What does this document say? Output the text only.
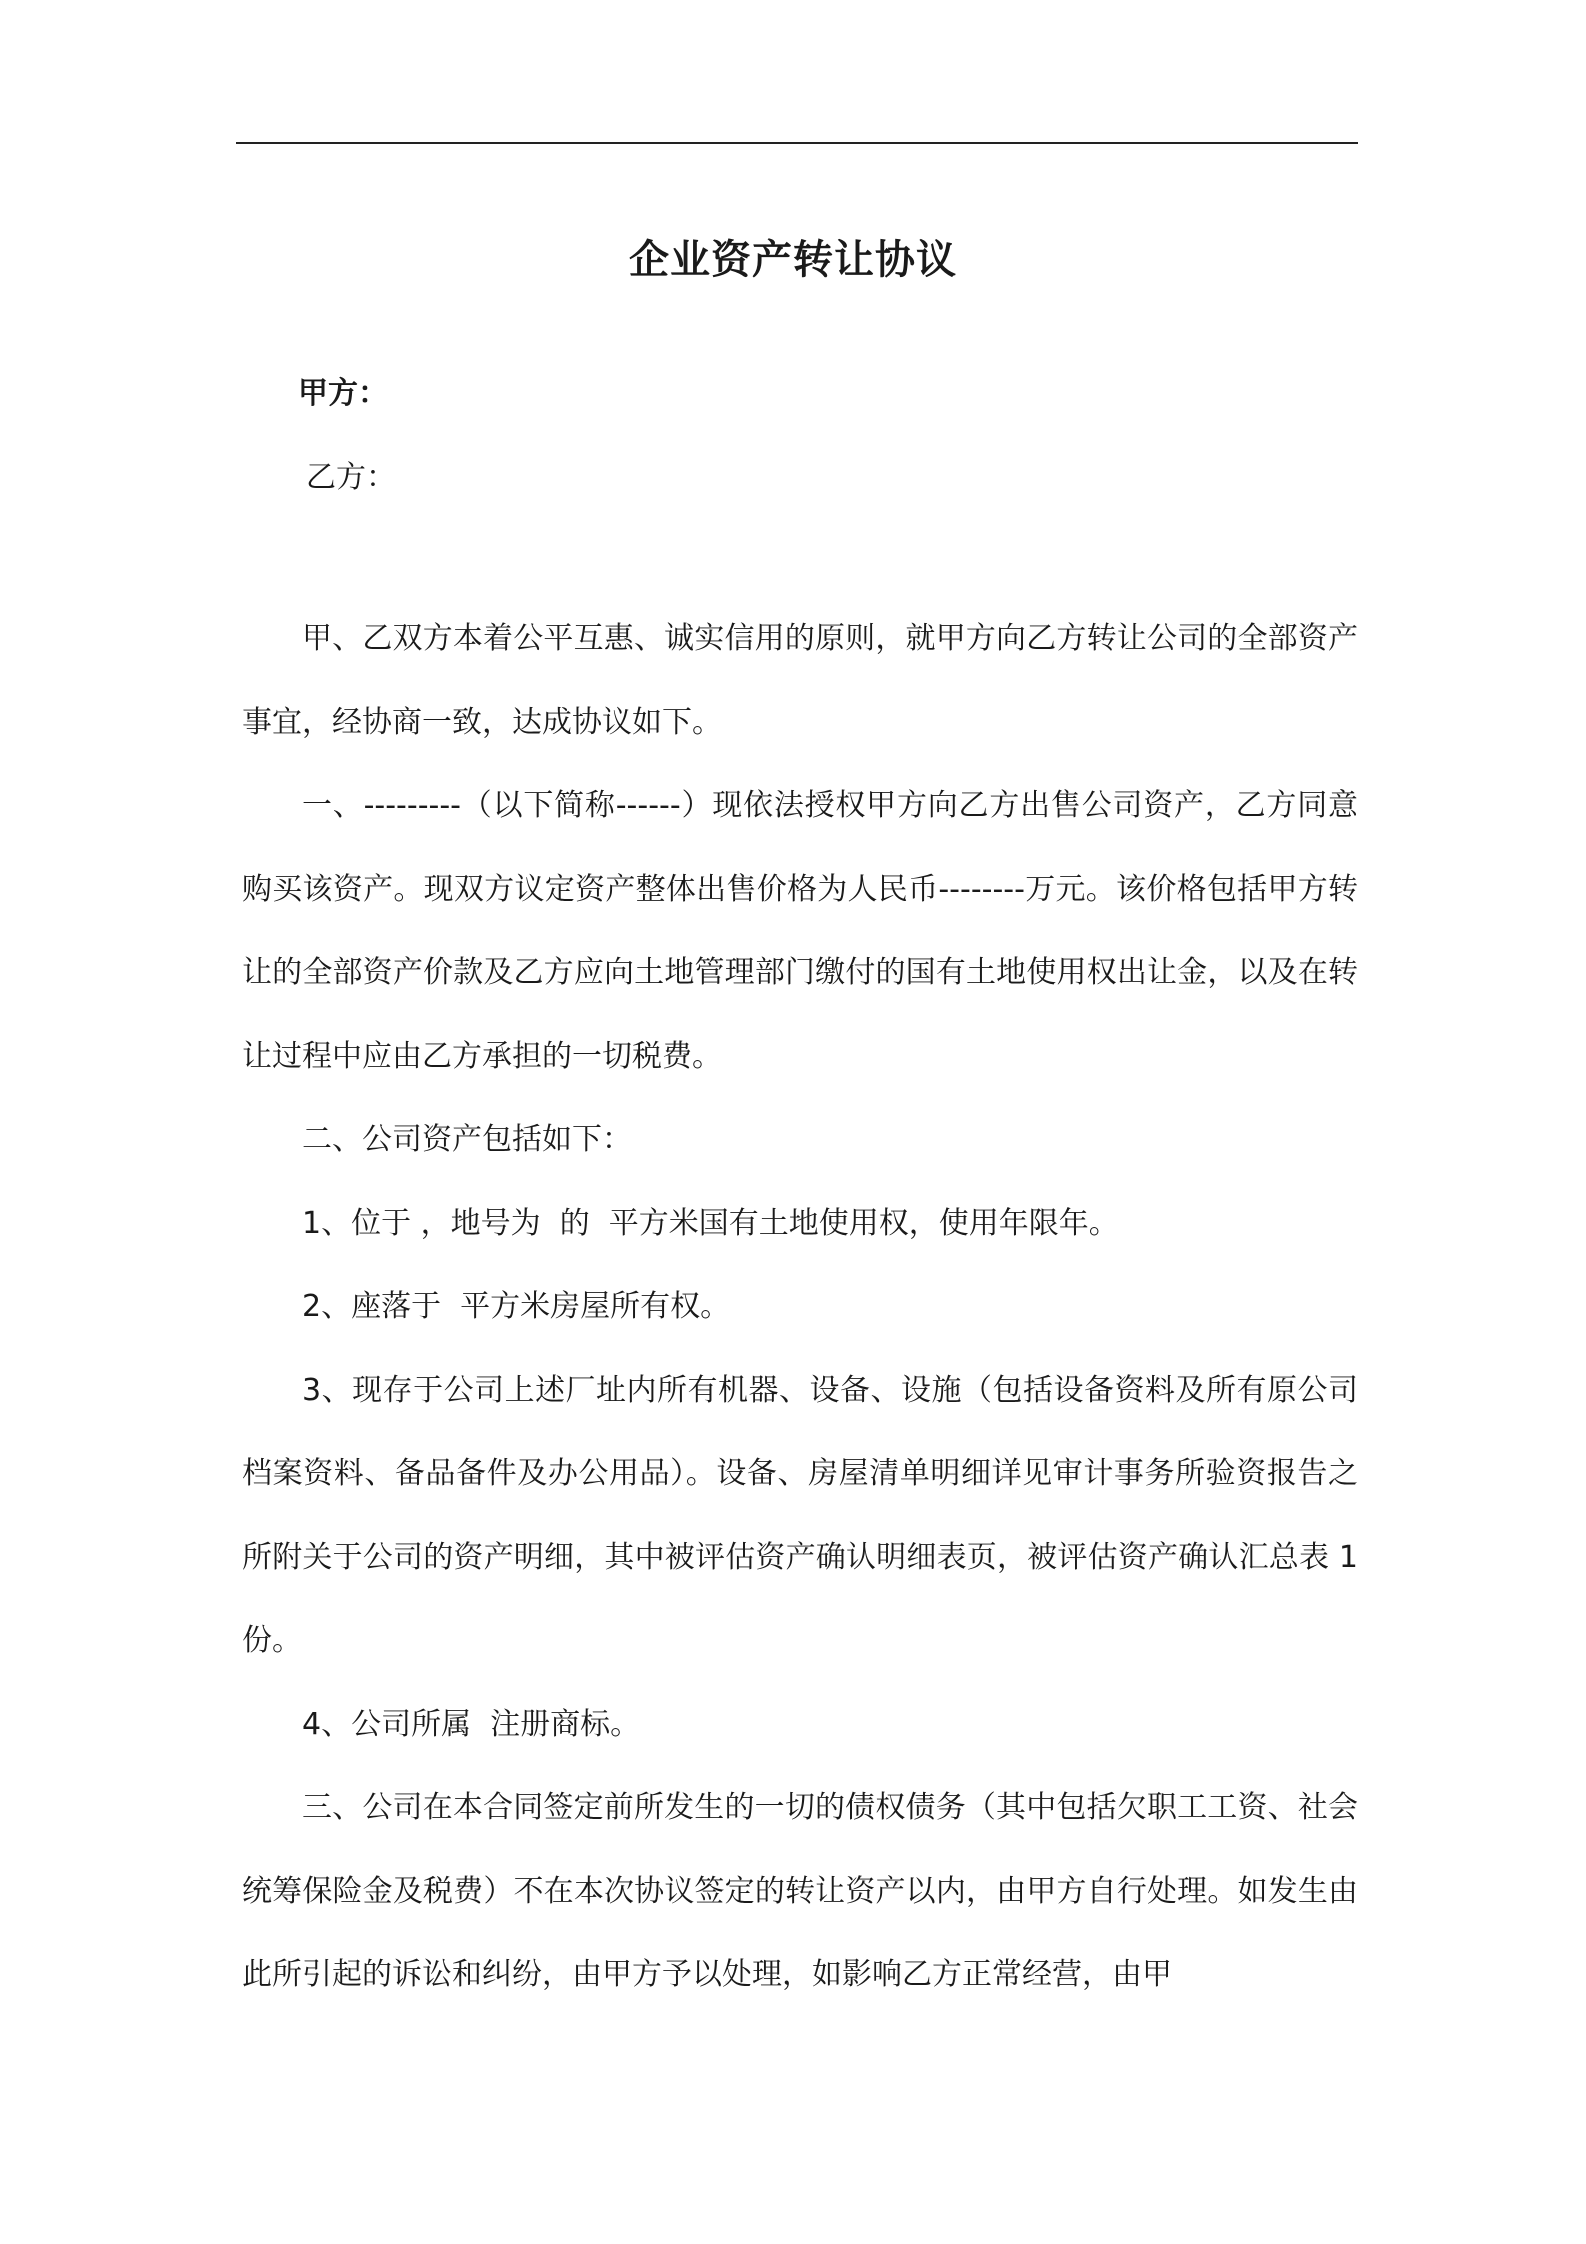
企业资产转让协议
甲方：
乙方：

甲、乙双方本着公平互惠、诚实信用的原则，就甲方向乙方转让公司的全部资产事宜，经协商一致，达成协议如下。

一、---------（以下简称------）现依法授权甲方向乙方出售公司资产，乙方同意购买该资产。现双方议定资产整体出售价格为人民币--------万元。该价格包括甲方转让的全部资产价款及乙方应向土地管理部门缴付的国有土地使用权出让金，以及在转让过程中应由乙方承担的一切税费。

二、公司资产包括如下：

1、位于 ，地号为  的  平方米国有土地使用权，使用年限年。

2、座落于  平方米房屋所有权。

3、现存于公司上述厂址内所有机器、设备、设施（包括设备资料及所有原公司档案资料、备品备件及办公用品）。设备、房屋清单明细详见审计事务所验资报告之所附关于公司的资产明细，其中被评估资产确认明细表页，被评估资产确认汇总表 1 份。

4、公司所属  注册商标。

三、公司在本合同签定前所发生的一切的债权债务（其中包括欠职工工资、社会统筹保险金及税费）不在本次协议签定的转让资产以内，由甲方自行处理。如发生由此所引起的诉讼和纠纷，由甲方予以处理，如影响乙方正常经营，由甲
